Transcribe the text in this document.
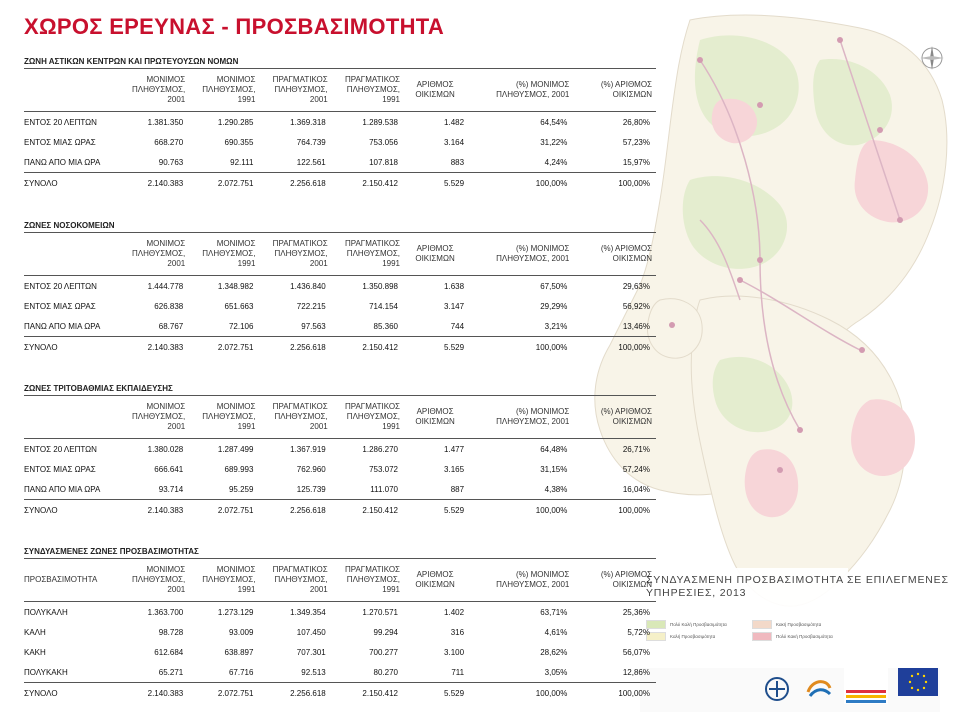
ΧΩΡΟΣ ΕΡΕΥΝΑΣ - ΠΡΟΣΒΑΣΙΜΟΤΗΤΑ
ΖΩΝΗ ΑΣΤΙΚΩΝ ΚΕΝΤΡΩΝ ΚΑΙ ΠΡΩΤΕΥΟΥΣΩΝ ΝΟΜΩΝ
	ΜΟΝΙΜΟΣ ΠΛΗΘΥΣΜΟΣ, 2001	ΜΟΝΙΜΟΣ ΠΛΗΘΥΣΜΟΣ, 1991	ΠΡΑΓΜΑΤΙΚΟΣ ΠΛΗΘΥΣΜΟΣ, 2001	ΠΡΑΓΜΑΤΙΚΟΣ ΠΛΗΘΥΣΜΟΣ, 1991	ΑΡΙΘΜΟΣ ΟΙΚΙΣΜΩΝ	(%) ΜΟΝΙΜΟΣ ΠΛΗΘΥΣΜΟΣ, 2001	(%) ΑΡΙΘΜΟΣ ΟΙΚΙΣΜΩΝ
ΕΝΤΟΣ 20 ΛΕΠΤΩΝ	1.381.350	1.290.285	1.369.318	1.289.538	1.482	64,54%	26,80%
ΕΝΤΟΣ ΜΙΑΣ ΩΡΑΣ	668.270	690.355	764.739	753.056	3.164	31,22%	57,23%
ΠΑΝΩ ΑΠΟ ΜΙΑ ΩΡΑ	90.763	92.111	122.561	107.818	883	4,24%	15,97%
ΣΥΝΟΛΟ	2.140.383	2.072.751	2.256.618	2.150.412	5.529	100,00%	100,00%
ΖΩΝΕΣ ΝΟΣΟΚΟΜΕΙΩΝ
	ΜΟΝΙΜΟΣ ΠΛΗΘΥΣΜΟΣ, 2001	ΜΟΝΙΜΟΣ ΠΛΗΘΥΣΜΟΣ, 1991	ΠΡΑΓΜΑΤΙΚΟΣ ΠΛΗΘΥΣΜΟΣ, 2001	ΠΡΑΓΜΑΤΙΚΟΣ ΠΛΗΘΥΣΜΟΣ, 1991	ΑΡΙΘΜΟΣ ΟΙΚΙΣΜΩΝ	(%) ΜΟΝΙΜΟΣ ΠΛΗΘΥΣΜΟΣ, 2001	(%) ΑΡΙΘΜΟΣ ΟΙΚΙΣΜΩΝ
ΕΝΤΟΣ 20 ΛΕΠΤΩΝ	1.444.778	1.348.982	1.436.840	1.350.898	1.638	67,50%	29,63%
ΕΝΤΟΣ ΜΙΑΣ ΩΡΑΣ	626.838	651.663	722.215	714.154	3.147	29,29%	56,92%
ΠΑΝΩ ΑΠΟ ΜΙΑ ΩΡΑ	68.767	72.106	97.563	85.360	744	3,21%	13,46%
ΣΥΝΟΛΟ	2.140.383	2.072.751	2.256.618	2.150.412	5.529	100,00%	100,00%
ΖΩΝΕΣ ΤΡΙΤΟΒΑΘΜΙΑΣ ΕΚΠΑΙΔΕΥΣΗΣ
	ΜΟΝΙΜΟΣ ΠΛΗΘΥΣΜΟΣ, 2001	ΜΟΝΙΜΟΣ ΠΛΗΘΥΣΜΟΣ, 1991	ΠΡΑΓΜΑΤΙΚΟΣ ΠΛΗΘΥΣΜΟΣ, 2001	ΠΡΑΓΜΑΤΙΚΟΣ ΠΛΗΘΥΣΜΟΣ, 1991	ΑΡΙΘΜΟΣ ΟΙΚΙΣΜΩΝ	(%) ΜΟΝΙΜΟΣ ΠΛΗΘΥΣΜΟΣ, 2001	(%) ΑΡΙΘΜΟΣ ΟΙΚΙΣΜΩΝ
ΕΝΤΟΣ 20 ΛΕΠΤΩΝ	1.380.028	1.287.499	1.367.919	1.286.270	1.477	64,48%	26,71%
ΕΝΤΟΣ ΜΙΑΣ ΩΡΑΣ	666.641	689.993	762.960	753.072	3.165	31,15%	57,24%
ΠΑΝΩ ΑΠΟ ΜΙΑ ΩΡΑ	93.714	95.259	125.739	111.070	887	4,38%	16,04%
ΣΥΝΟΛΟ	2.140.383	2.072.751	2.256.618	2.150.412	5.529	100,00%	100,00%
ΣΥΝΔΥΑΣΜΕΝΗ ΠΡΟΣΒΑΣΙΜΟΤΗΤΑ ΣΕ ΕΠΙΛΕΓΜΕΝΕΣ ΥΠΗΡΕΣΙΕΣ, 2013
Πολύ Καλή Προσβασιμότητα
Καλή Προσβασιμότητα
Κακή Προσβασιμότητα
Πολύ Κακή Προσβασιμότητα
ΣΥΝΔΥΑΣΜΕΝΕΣ ΖΩΝΕΣ ΠΡΟΣΒΑΣΙΜΟΤΗΤΑΣ
ΠΡΟΣΒΑΣΙΜΟΤΗΤΑ	ΜΟΝΙΜΟΣ ΠΛΗΘΥΣΜΟΣ, 2001	ΜΟΝΙΜΟΣ ΠΛΗΘΥΣΜΟΣ, 1991	ΠΡΑΓΜΑΤΙΚΟΣ ΠΛΗΘΥΣΜΟΣ, 2001	ΠΡΑΓΜΑΤΙΚΟΣ ΠΛΗΘΥΣΜΟΣ, 1991	ΑΡΙΘΜΟΣ ΟΙΚΙΣΜΩΝ	(%) ΜΟΝΙΜΟΣ ΠΛΗΘΥΣΜΟΣ, 2001	(%) ΑΡΙΘΜΟΣ ΟΙΚΙΣΜΩΝ
ΠΟΛΥΚΑΛΗ	1.363.700	1.273.129	1.349.354	1.270.571	1.402	63,71%	25,36%
ΚΑΛΗ	98.728	93.009	107.450	99.294	316	4,61%	5,72%
ΚΑΚΗ	612.684	638.897	707.301	700.277	3.100	28,62%	56,07%
ΠΟΛΥΚΑΚΗ	65.271	67.716	92.513	80.270	711	3,05%	12,86%
ΣΥΝΟΛΟ	2.140.383	2.072.751	2.256.618	2.150.412	5.529	100,00%	100,00%
